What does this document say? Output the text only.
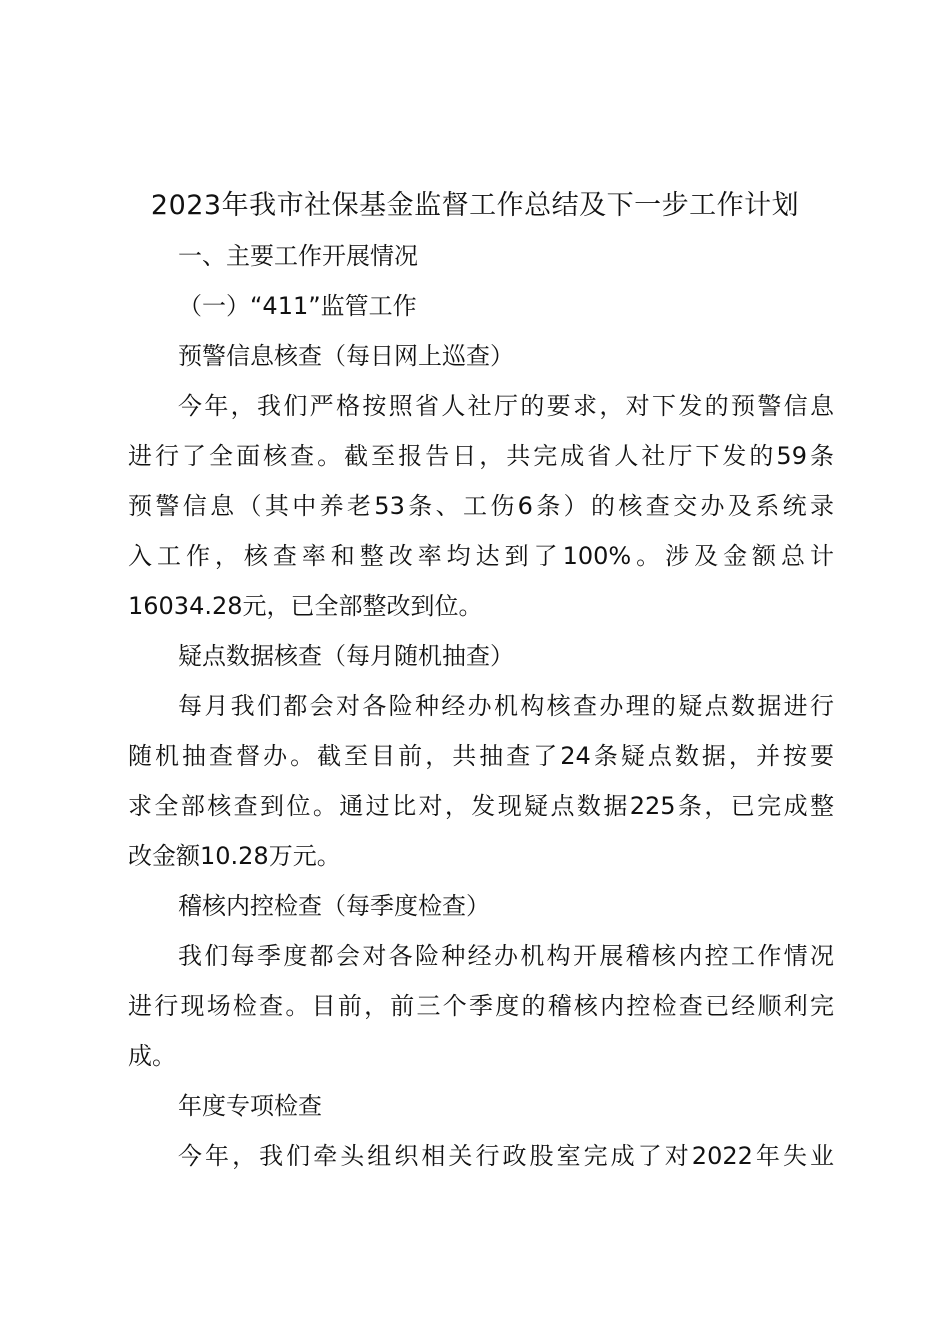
2023年我市社保基金监督工作总结及下一步工作计划
一、主要工作开展情况
（一）“411”监管工作
预警信息核查（每日网上巡查）
今年，我们严格按照省人社厅的要求，对下发的预警信息
进行了全面核查。截至报告日，共完成省人社厅下发的59条
预警信息（其中养老53条、工伤6条）的核查交办及系统录
入工作，核查率和整改率均达到了100%。涉及金额总计
16034.28元，已全部整改到位。
疑点数据核查（每月随机抽查）
每月我们都会对各险种经办机构核查办理的疑点数据进行
随机抽查督办。截至目前，共抽查了24条疑点数据，并按要
求全部核查到位。通过比对，发现疑点数据225条，已完成整
改金额10.28万元。
稽核内控检查（每季度检查）
我们每季度都会对各险种经办机构开展稽核内控工作情况
进行现场检查。目前，前三个季度的稽核内控检查已经顺利完
成。
年度专项检查
今年，我们牵头组织相关行政股室完成了对2022年失业
